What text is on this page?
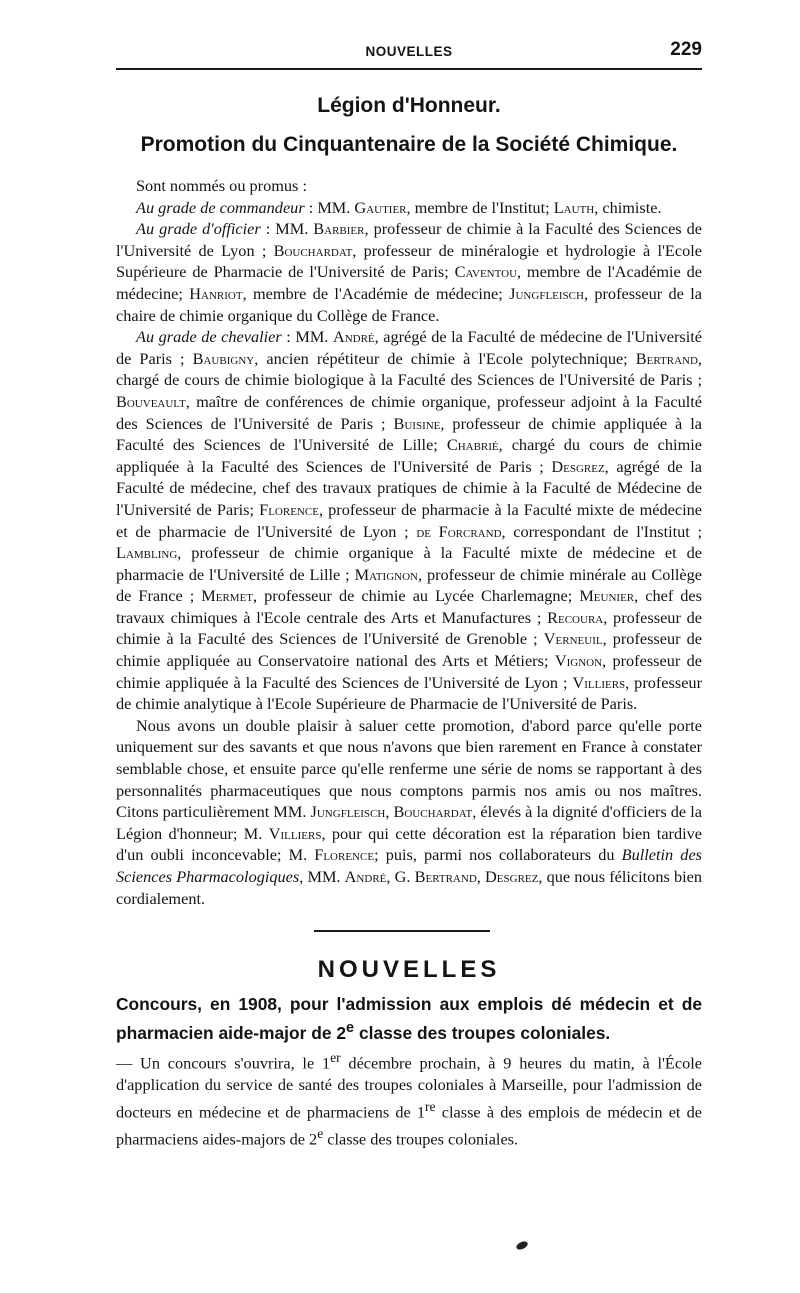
NOUVELLES	229
Légion d'Honneur.
Promotion du Cinquantenaire de la Société Chimique.

Sont nommés ou promus :

Au grade de commandeur : MM. Gautier, membre de l'Institut; Lauth, chimiste.

Au grade d'officier : MM. Barbier, professeur de chimie à la Faculté des Sciences de l'Université de Lyon ; Bouchardat, professeur de minéralogie et hydrologie à l'Ecole Supérieure de Pharmacie de l'Université de Paris; Caventou, membre de l'Académie de médecine; Hanriot, membre de l'Académie de médecine; Jungfleisch, professeur de la chaire de chimie organique du Collège de France.

Au grade de chevalier : MM. André, agrégé de la Faculté de médecine de l'Université de Paris ; Baubigny, ancien répétiteur de chimie à l'Ecole polytechnique; Bertrand, chargé de cours de chimie biologique à la Faculté des Sciences de l'Université de Paris ; Bouveault, maître de conférences de chimie organique, professeur adjoint à la Faculté des Sciences de l'Université de Paris ; Buisine, professeur de chimie appliquée à la Faculté des Sciences de l'Université de Lille; Chabrié, chargé du cours de chimie appliquée à la Faculté des Sciences de l'Université de Paris ; Desgrez, agrégé de la Faculté de médecine, chef des travaux pratiques de chimie à la Faculté de Médecine de l'Université de Paris; Florence, professeur de pharmacie à la Faculté mixte de médecine et de pharmacie de l'Université de Lyon ; de Forcrand, correspondant de l'Institut ; Lambling, professeur de chimie organique à la Faculté mixte de médecine et de pharmacie de l'Université de Lille ; Matignon, professeur de chimie minérale au Collège de France ; Mermet, professeur de chimie au Lycée Charlemagne; Meunier, chef des travaux chimiques à l'Ecole centrale des Arts et Manufactures ; Recoura, professeur de chimie à la Faculté des Sciences de l'Université de Grenoble ; Verneuil, professeur de chimie appliquée au Conservatoire national des Arts et Métiers; Vignon, professeur de chimie appliquée à la Faculté des Sciences de l'Université de Lyon ; Villiers, professeur de chimie analytique à l'Ecole Supérieure de Pharmacie de l'Université de Paris.

Nous avons un double plaisir à saluer cette promotion, d'abord parce qu'elle porte uniquement sur des savants et que nous n'avons que bien rarement en France à constater semblable chose, et ensuite parce qu'elle renferme une série de noms se rapportant à des personnalités pharmaceutiques que nous comptons parmis nos amis ou nos maîtres. Citons particulièrement MM. Jungfleisch, Bouchardat, élevés à la dignité d'officiers de la Légion d'honneur; M. Villiers, pour qui cette décoration est la réparation bien tardive d'un oubli inconcevable; M. Florence; puis, parmi nos collaborateurs du Bulletin des Sciences Pharmacologiques, MM. André, G. Bertrand, Desgrez, que nous félicitons bien cordialement.

NOUVELLES
Concours, en 1908, pour l'admission aux emplois dé médecin et de pharmacien aide-major de 2e classe des troupes coloniales.

— Un concours s'ouvrira, le 1er décembre prochain, à 9 heures du matin, à l'École d'application du service de santé des troupes coloniales à Marseille, pour l'admission de docteurs en médecine et de pharmaciens de 1re classe à des emplois de médecin et de pharmaciens aides-majors de 2e classe des troupes coloniales.
